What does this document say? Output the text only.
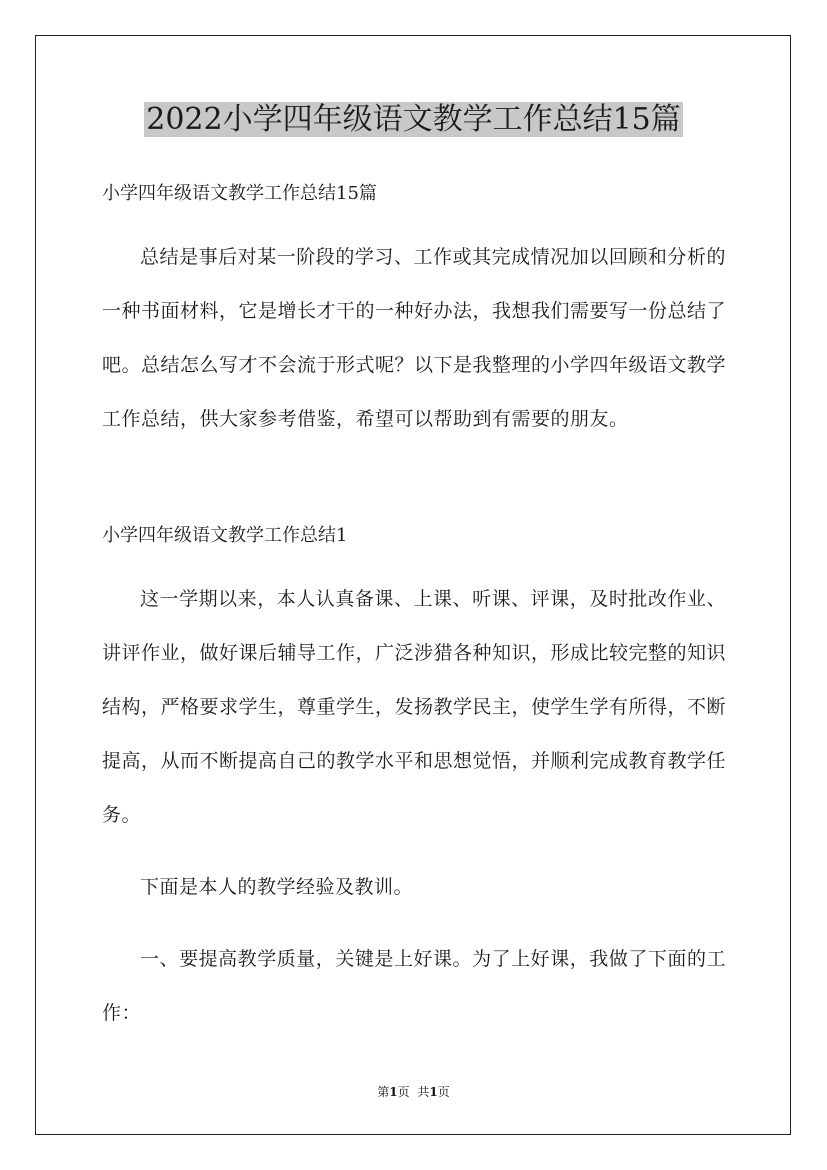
2022小学四年级语文教学工作总结15篇

小学四年级语文教学工作总结15篇

总结是事后对某一阶段的学习、工作或其完成情况加以回顾和分析的一种书面材料，它是增长才干的一种好办法，我想我们需要写一份总结了吧。总结怎么写才不会流于形式呢？以下是我整理的小学四年级语文教学工作总结，供大家参考借鉴，希望可以帮助到有需要的朋友。

小学四年级语文教学工作总结1

这一学期以来，本人认真备课、上课、听课、评课，及时批改作业、讲评作业，做好课后辅导工作，广泛涉猎各种知识，形成比较完整的知识结构，严格要求学生，尊重学生，发扬教学民主，使学生学有所得，不断提高，从而不断提高自己的教学水平和思想觉悟，并顺利完成教育教学任务。

下面是本人的教学经验及教训。

一、要提高教学质量，关键是上好课。为了上好课，我做了下面的工作：

第1页 共1页
